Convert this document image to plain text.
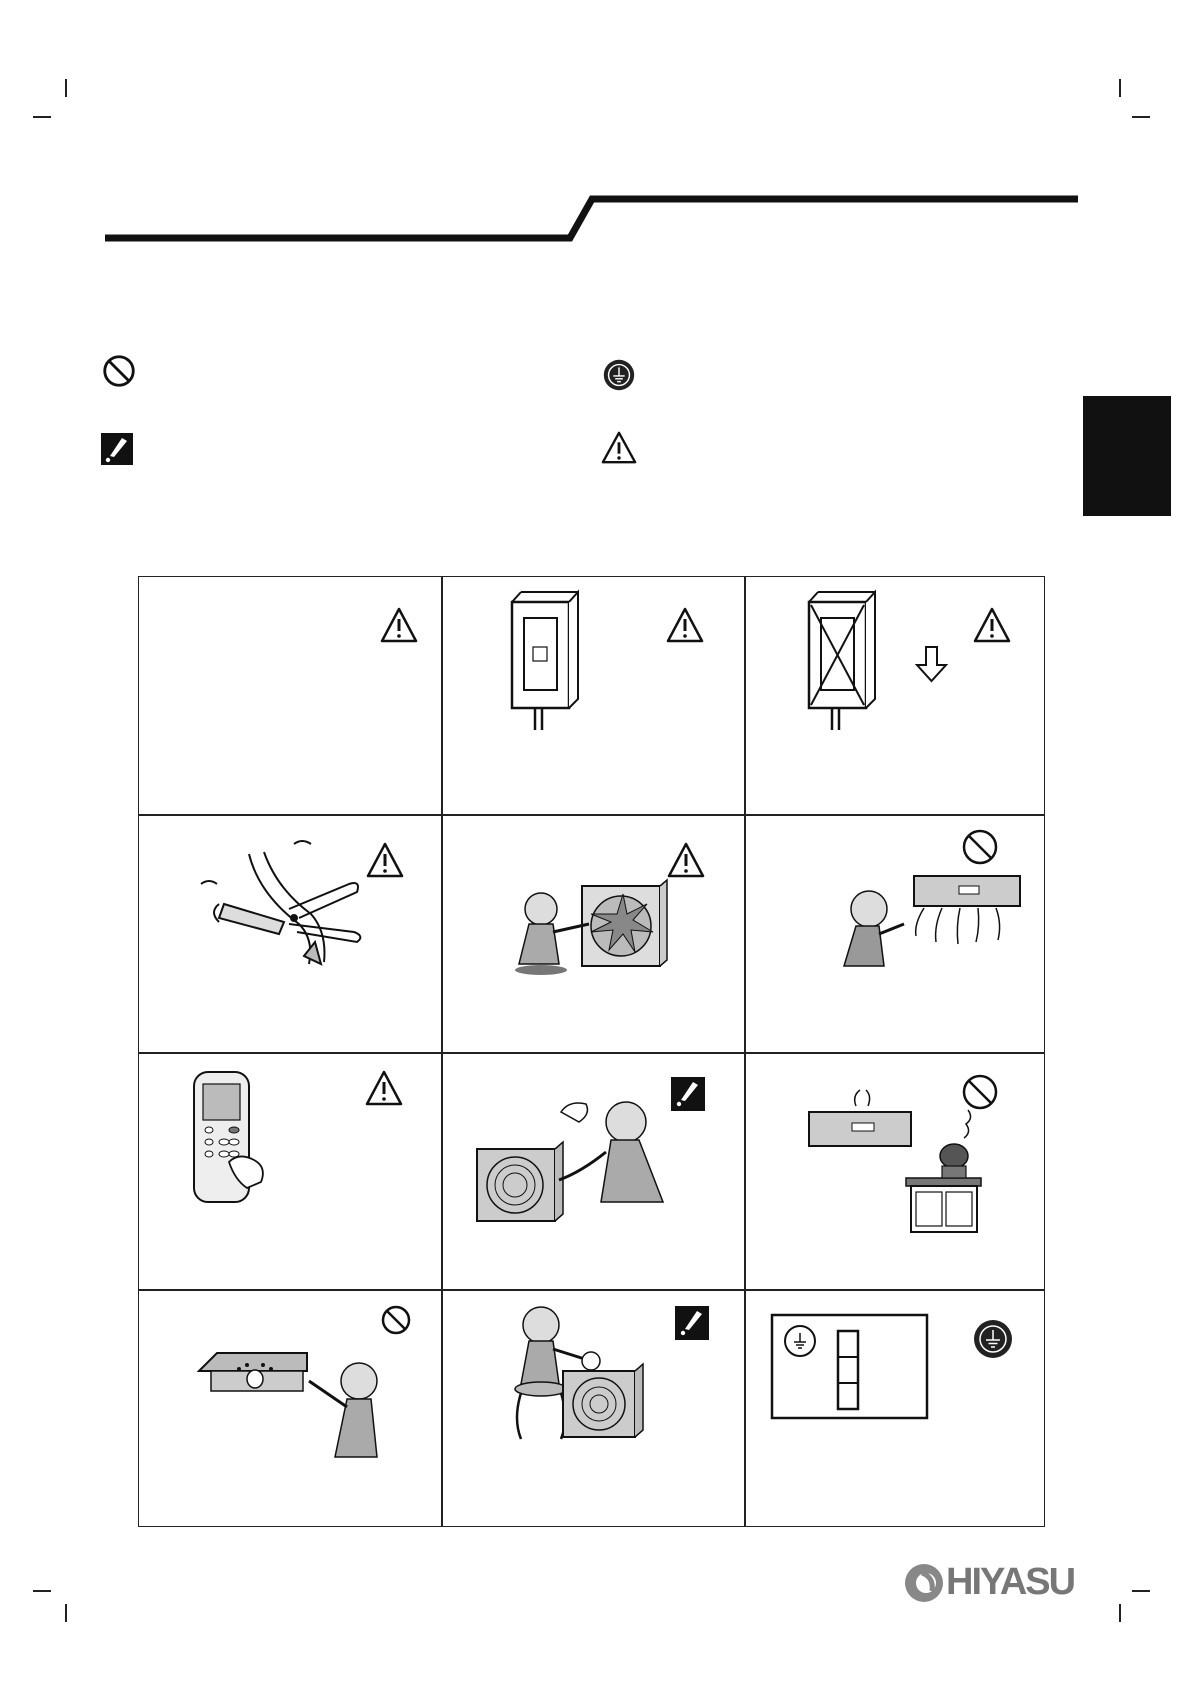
HIYASU
